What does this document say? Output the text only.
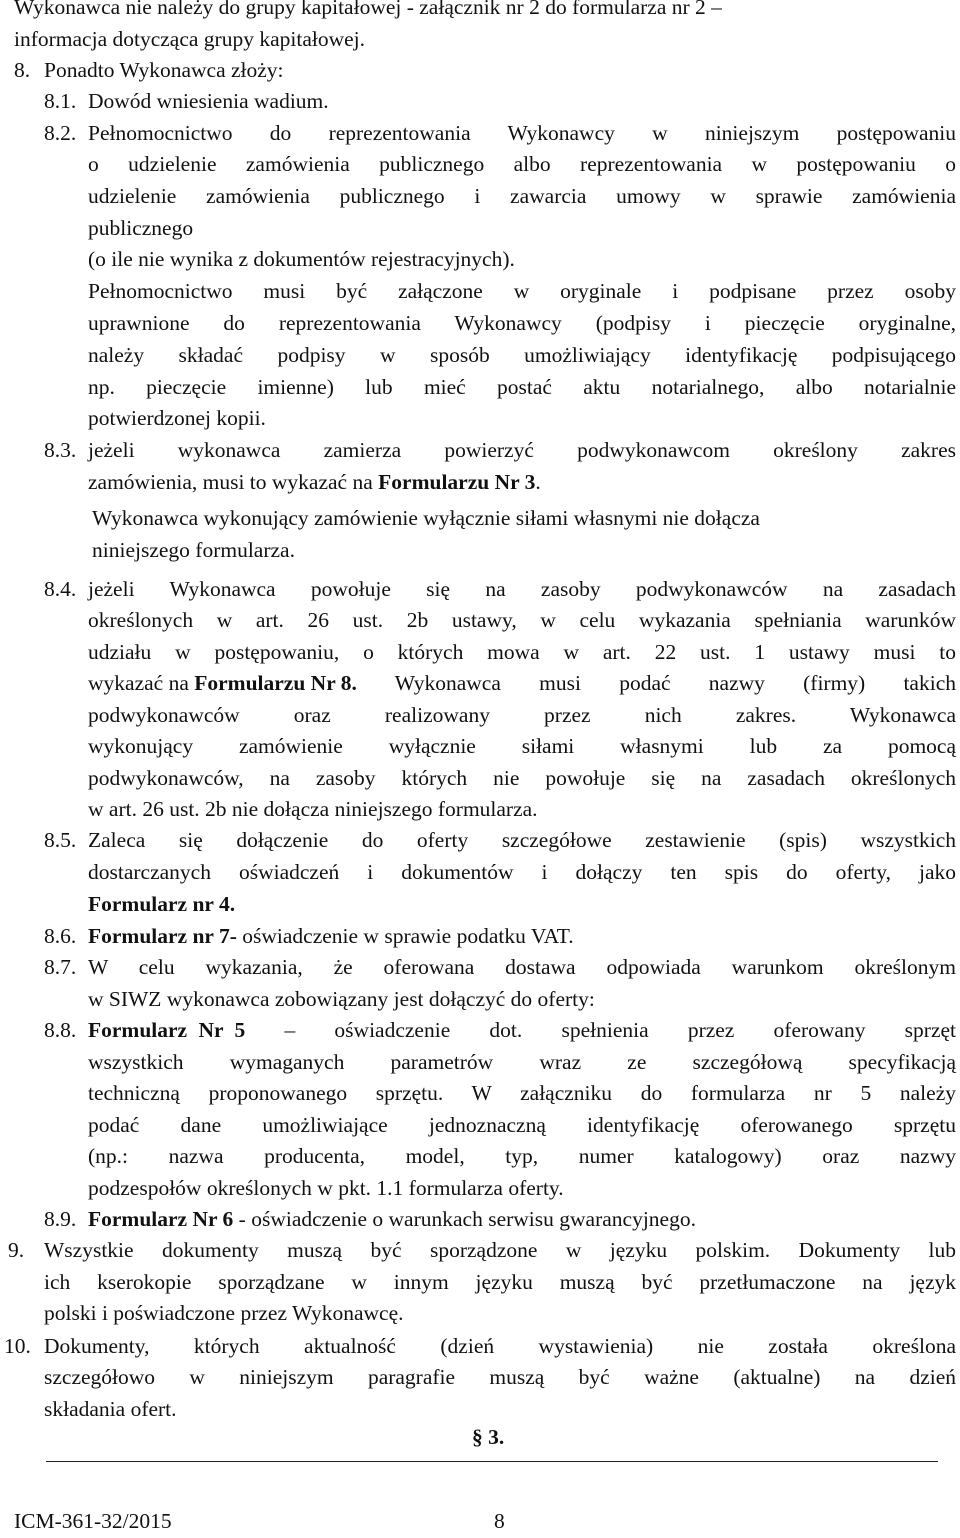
Wykonawca nie należy do grupy kapitałowej - załącznik nr 2 do formularza nr 2 –
informacja dotycząca grupy kapitałowej.
8. Ponadto Wykonawca złoży:
8.1. Dowód wniesienia wadium.
8.2. Pełnomocnictwo do reprezentowania Wykonawcy w niniejszym postępowaniu
o udzielenie zamówienia publicznego albo reprezentowania w postępowaniu o
udzielenie zamówienia publicznego i zawarcia umowy w sprawie zamówienia
publicznego
(o ile nie wynika z dokumentów rejestracyjnych).
Pełnomocnictwo musi być załączone w oryginale i podpisane przez osoby
uprawnione do reprezentowania Wykonawcy (podpisy i pieczęcie oryginalne,
należy składać podpisy w sposób umożliwiający identyfikację podpisującego
np. pieczęcie imienne) lub mieć postać aktu notarialnego, albo notarialnie
potwierdzonej kopii.
8.3. jeżeli wykonawca zamierza powierzyć podwykonawcom określony zakres
zamówienia, musi to wykazać na Formularzu Nr 3.
Wykonawca wykonujący zamówienie wyłącznie siłami własnymi nie dołącza
niniejszego formularza.
8.4. jeżeli Wykonawca powołuje się na zasoby podwykonawców na zasadach
określonych w art. 26 ust. 2b ustawy, w celu wykazania spełniania warunków
udziału w postępowaniu, o których mowa w art. 22 ust. 1 ustawy musi to
wykazać na Formularzu Nr 8. Wykonawca musi podać nazwy (firmy) takich
podwykonawców oraz realizowany przez nich zakres. Wykonawca
wykonujący zamówienie wyłącznie siłami własnymi lub za pomocą
podwykonawców, na zasoby których nie powołuje się na zasadach określonych
w art. 26 ust. 2b nie dołącza niniejszego formularza.
8.5. Zaleca się dołączenie do oferty szczegółowe zestawienie (spis) wszystkich
dostarczanych oświadczeń i dokumentów i dołączy ten spis do oferty, jako
Formularz nr 4.
8.6. Formularz nr 7- oświadczenie w sprawie podatku VAT.
8.7. W celu wykazania, że oferowana dostawa odpowiada warunkom określonym
w SIWZ wykonawca zobowiązany jest dołączyć do oferty:
8.8. Formularz Nr 5 – oświadczenie dot. spełnienia przez oferowany sprzęt
wszystkich wymaganych parametrów wraz ze szczegółową specyfikacją
techniczną proponowanego sprzętu. W załączniku do formularza nr 5 należy
podać dane umożliwiające jednoznaczną identyfikację oferowanego sprzętu
(np.: nazwa producenta, model, typ, numer katalogowy) oraz nazwy
podzespołów określonych w pkt. 1.1 formularza oferty.
8.9. Formularz Nr 6 - oświadczenie o warunkach serwisu gwarancyjnego.
9. Wszystkie dokumenty muszą być sporządzone w języku polskim. Dokumenty lub
ich kserokopie sporządzane w innym języku muszą być przetłumaczone na język
polski i poświadczone przez Wykonawcę.
10. Dokumenty, których aktualność (dzień wystawienia) nie została określona
szczegółowo w niniejszym paragrafie muszą być ważne (aktualne) na dzień
składania ofert.
§ 3.
ICM-361-32/2015	8
